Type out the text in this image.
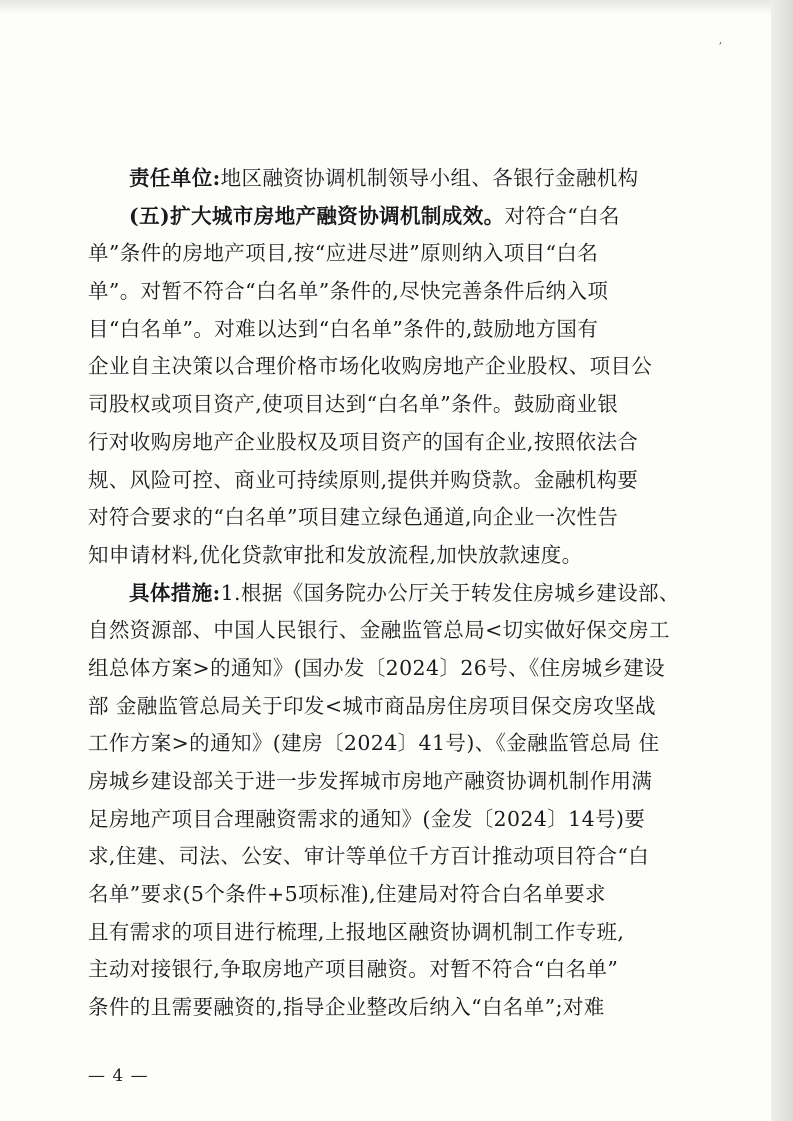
ʼ
责任单位:地区融资协调机制领导小组、各银行金融机构
(五)扩大城市房地产融资协调机制成效。对符合“白名
单”条件的房地产项目,按“应进尽进”原则纳入项目“白名
单”。对暂不符合“白名单”条件的,尽快完善条件后纳入项
目“白名单”。对难以达到“白名单”条件的,鼓励地方国有
企业自主决策以合理价格市场化收购房地产企业股权、项目公
司股权或项目资产,使项目达到“白名单”条件。鼓励商业银
行对收购房地产企业股权及项目资产的国有企业,按照依法合
规、风险可控、商业可持续原则,提供并购贷款。金融机构要
对符合要求的“白名单”项目建立绿色通道,向企业一次性告
知申请材料,优化贷款审批和发放流程,加快放款速度。
具体措施:1.根据《国务院办公厅关于转发住房城乡建设部、
自然资源部、中国人民银行、金融监管总局<切实做好保交房工
组总体方案>的通知》(国办发〔2024〕26号、《住房城乡建设
部 金融监管总局关于印发<城市商品房住房项目保交房攻坚战
工作方案>的通知》(建房〔2024〕41号)、《金融监管总局 住
房城乡建设部关于进一步发挥城市房地产融资协调机制作用满
足房地产项目合理融资需求的通知》(金发〔2024〕14号)要
求,住建、司法、公安、审计等单位千方百计推动项目符合“白
名单”要求(5个条件+5项标准),住建局对符合白名单要求
且有需求的项目进行梳理,上报地区融资协调机制工作专班,
主动对接银行,争取房地产项目融资。对暂不符合“白名单”
条件的且需要融资的,指导企业整改后纳入“白名单”;对难
— 4 —
